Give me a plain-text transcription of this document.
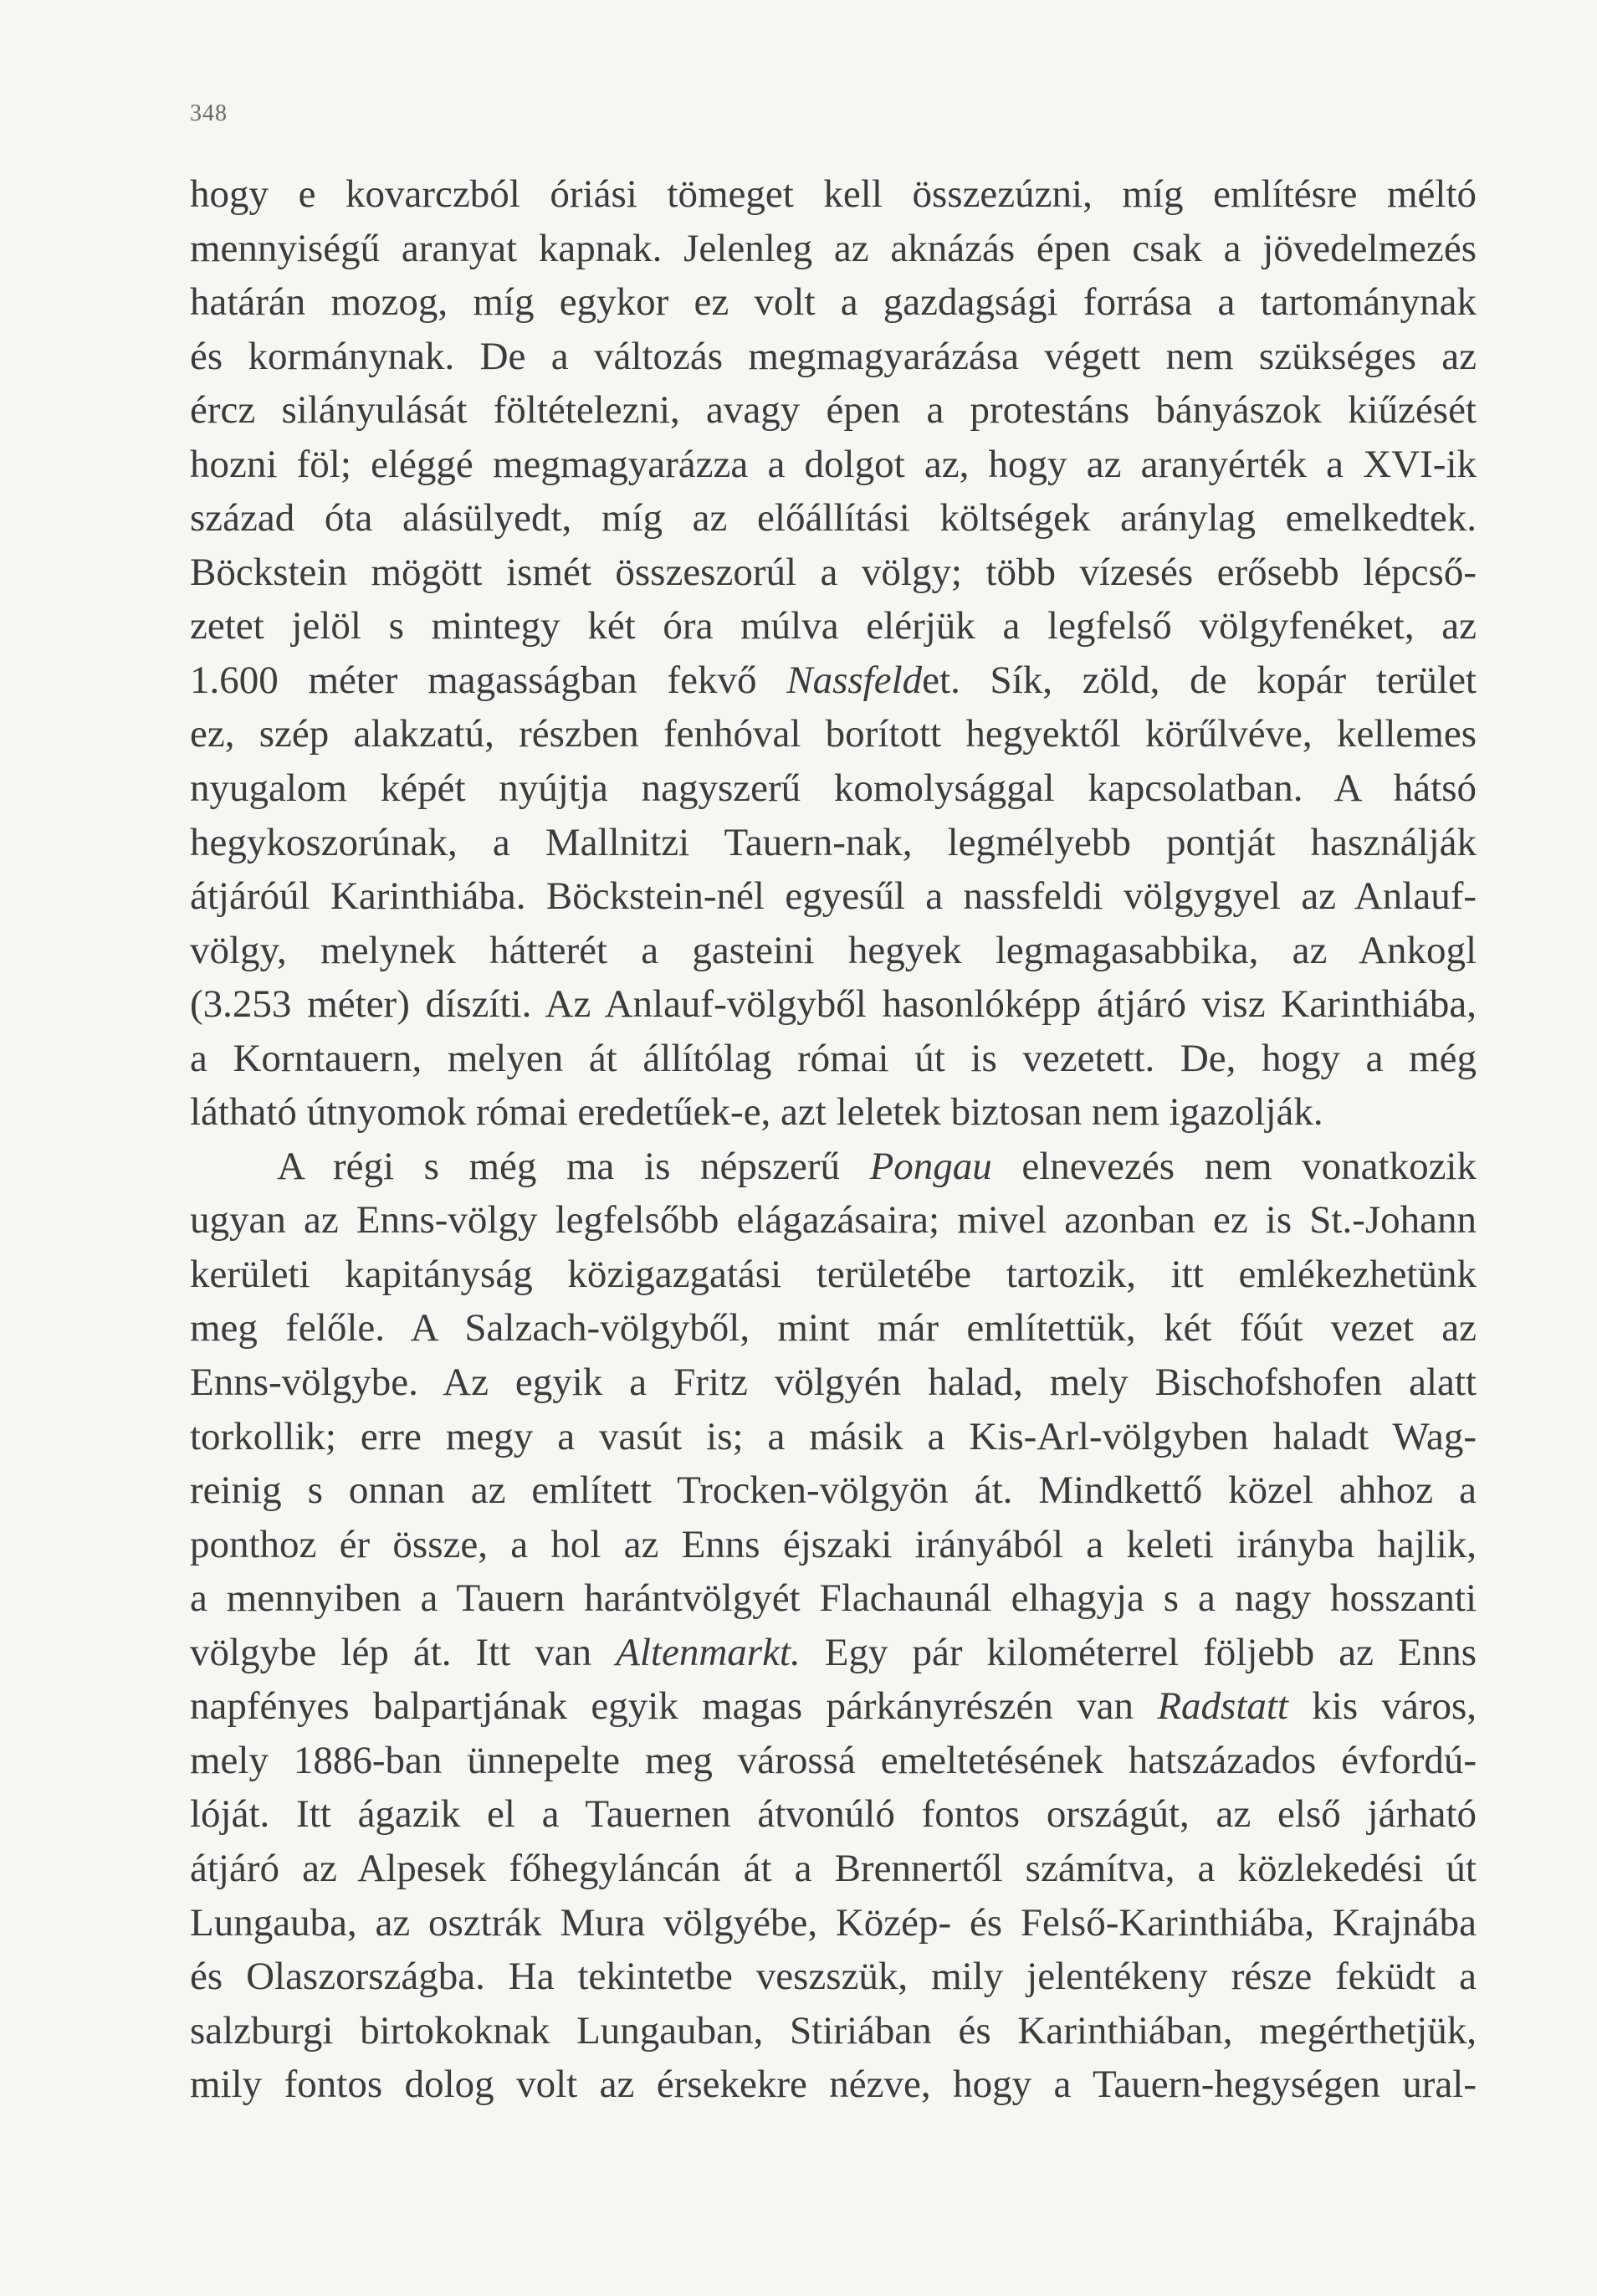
348
hogy e kovarczból óriási tömeget kell összezúzni, míg említésre méltó
mennyiségű aranyat kapnak. Jelenleg az aknázás épen csak a jövedelmezés
határán mozog, míg egykor ez volt a gazdagsági forrása a tartománynak
és kormánynak. De a változás megmagyarázása végett nem szükséges az
ércz silányulását föltételezni, avagy épen a protestáns bányászok kiűzését
hozni föl; eléggé megmagyarázza a dolgot az, hogy az aranyérték a XVI-ik
század óta alásülyedt, míg az előállítási költségek aránylag emelkedtek.
Böckstein mögött ismét összeszorúl a völgy; több vízesés erősebb lépcső-
zetet jelöl s mintegy két óra múlva elérjük a legfelső völgyfenéket, az
1.600 méter magasságban fekvő Nassfeldet. Sík, zöld, de kopár terület
ez, szép alakzatú, részben fenhóval borított hegyektől körűlvéve, kellemes
nyugalom képét nyújtja nagyszerű komolysággal kapcsolatban. A hátsó
hegykoszorúnak, a Mallnitzi Tauern-nak, legmélyebb pontját használják
átjáróúl Karinthiába. Böckstein-nél egyesűl a nassfeldi völgygyel az Anlauf-
völgy, melynek hátterét a gasteini hegyek legmagasabbika, az Ankogl
(3.253 méter) díszíti. Az Anlauf-völgyből hasonlóképp átjáró visz Karinthiába,
a Korntauern, melyen át állítólag római út is vezetett. De, hogy a még
látható útnyomok római eredetűek-e, azt leletek biztosan nem igazolják.
A régi s még ma is népszerű Pongau elnevezés nem vonatkozik
ugyan az Enns-völgy legfelsőbb elágazásaira; mivel azonban ez is St.-Johann
kerületi kapitányság közigazgatási területébe tartozik, itt emlékezhetünk
meg felőle. A Salzach-völgyből, mint már említettük, két főút vezet az
Enns-völgybe. Az egyik a Fritz völgyén halad, mely Bischofshofen alatt
torkollik; erre megy a vasút is; a másik a Kis-Arl-völgyben haladt Wag-
reinig s onnan az említett Trocken-völgyön át. Mindkettő közel ahhoz a
ponthoz ér össze, a hol az Enns éjszaki irányából a keleti irányba hajlik,
a mennyiben a Tauern harántvölgyét Flachaunál elhagyja s a nagy hosszanti
völgybe lép át. Itt van Altenmarkt. Egy pár kilométerrel följebb az Enns
napfényes balpartjának egyik magas párkányrészén van Radstatt kis város,
mely 1886-ban ünnepelte meg várossá emeltetésének hatszázados évfordú-
lóját. Itt ágazik el a Tauernen átvonúló fontos országút, az első járható
átjáró az Alpesek főhegyláncán át a Brennertől számítva, a közlekedési út
Lungauba, az osztrák Mura völgyébe, Közép- és Felső-Karinthiába, Krajnába
és Olaszországba. Ha tekintetbe veszszük, mily jelentékeny része feküdt a
salzburgi birtokoknak Lungauban, Stiriában és Karinthiában, megérthetjük,
mily fontos dolog volt az érsekekre nézve, hogy a Tauern-hegységen ural-
